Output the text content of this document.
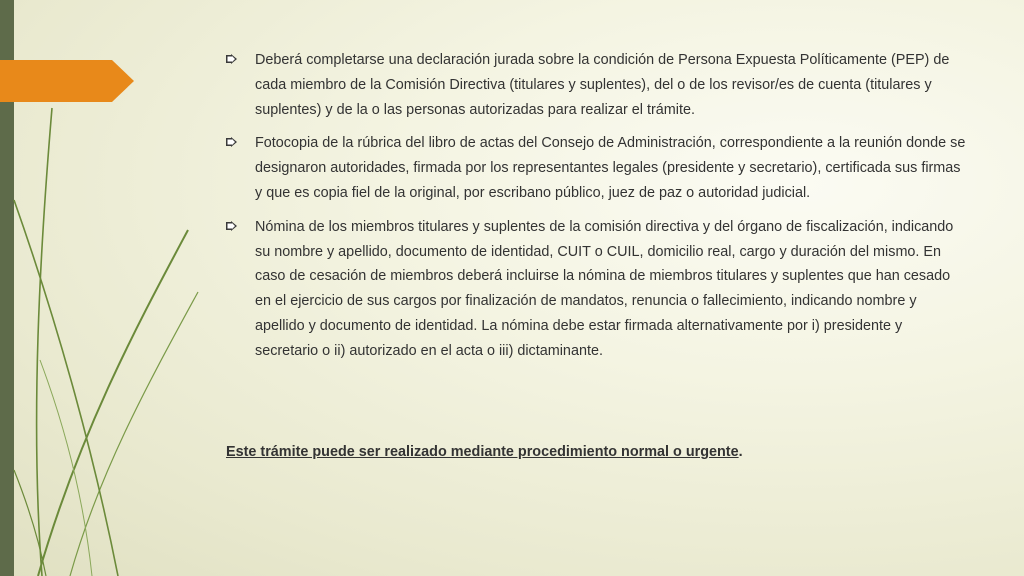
Deberá completarse una declaración jurada sobre la condición de Persona Expuesta Políticamente (PEP) de cada miembro de la Comisión Directiva (titulares y suplentes), del o de los revisor/es de cuenta (titulares y suplentes) y de la o las personas autorizadas para realizar el trámite.
Fotocopia de la rúbrica del libro de actas del Consejo de Administración, correspondiente a la reunión donde se designaron autoridades, firmada por los representantes legales (presidente y secretario), certificada sus firmas y que es copia fiel de la original, por escribano público, juez de paz o autoridad judicial.
Nómina de los miembros titulares y suplentes de la comisión directiva y del órgano de fiscalización, indicando su nombre y apellido, documento de identidad, CUIT o CUIL, domicilio real, cargo y duración del mismo. En caso de cesación de miembros deberá incluirse la nómina de miembros titulares y suplentes que han cesado en el ejercicio de sus cargos por finalización de mandatos, renuncia o fallecimiento, indicando nombre y apellido y documento de identidad. La nómina debe estar firmada alternativamente por i) presidente y secretario o ii) autorizado en el acta o iii) dictaminante.
Este trámite puede ser realizado mediante procedimiento normal o urgente.
